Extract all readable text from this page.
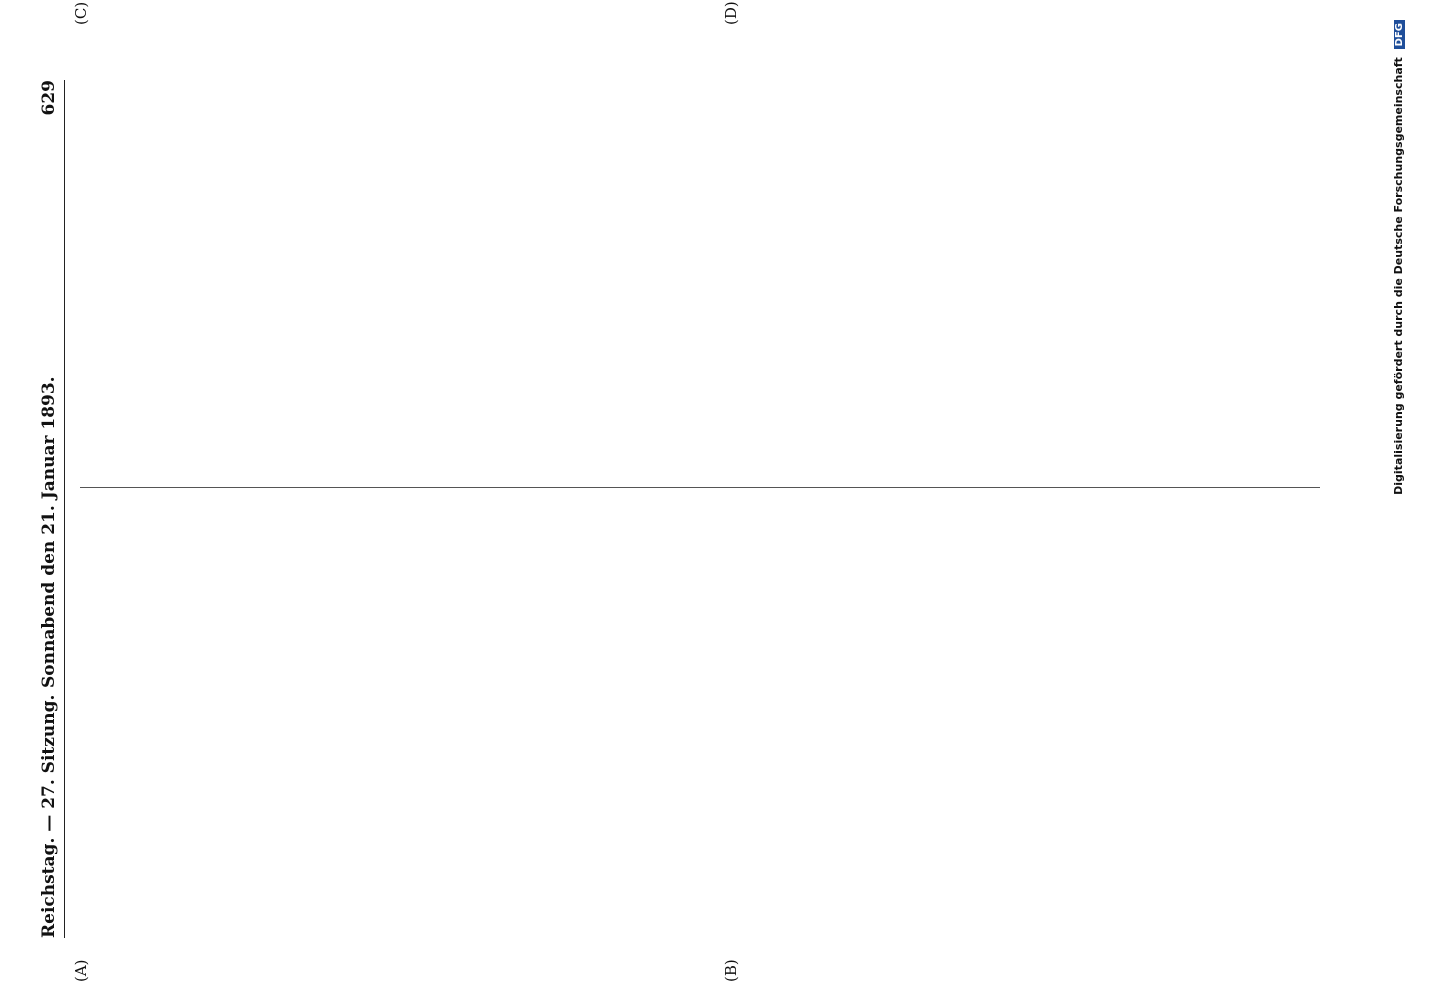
Reichstag. — 27. Sitzung.
Sonnabend den 21. Januar 1893.
629
(A)	(B)
(C)	(D)
Digitalisierung gefördert durch die Deutsche Forschungsgemeinschaft DFG
